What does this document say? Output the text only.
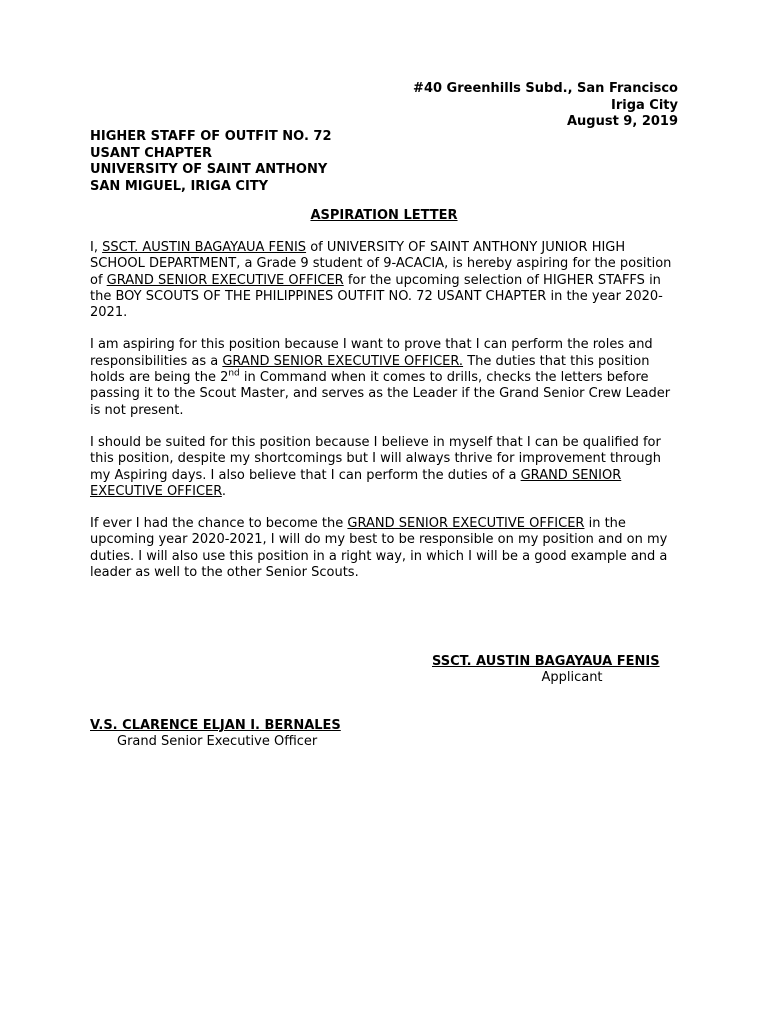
#40 Greenhills Subd., San Francisco
Iriga City
August 9, 2019
HIGHER STAFF OF OUTFIT NO. 72
USANT CHAPTER
UNIVERSITY OF SAINT ANTHONY
SAN MIGUEL, IRIGA CITY
ASPIRATION LETTER

I, SSCT. AUSTIN BAGAYAUA FENIS of UNIVERSITY OF SAINT ANTHONY JUNIOR HIGH SCHOOL DEPARTMENT, a Grade 9 student of 9-ACACIA, is hereby aspiring for the position of GRAND SENIOR EXECUTIVE OFFICER for the upcoming selection of HIGHER STAFFS in the BOY SCOUTS OF THE PHILIPPINES OUTFIT NO. 72 USANT CHAPTER in the year 2020-2021.

I am aspiring for this position because I want to prove that I can perform the roles and responsibilities as a GRAND SENIOR EXECUTIVE OFFICER. The duties that this position holds are being the 2nd in Command when it comes to drills, checks the letters before passing it to the Scout Master, and serves as the Leader if the Grand Senior Crew Leader is not present.

I should be suited for this position because I believe in myself that I can be qualified for this position, despite my shortcomings but I will always thrive for improvement through my Aspiring days. I also believe that I can perform the duties of a GRAND SENIOR EXECUTIVE OFFICER.

If ever I had the chance to become the GRAND SENIOR EXECUTIVE OFFICER in the upcoming year 2020-2021, I will do my best to be responsible on my position and on my duties. I will also use this position in a right way, in which I will be a good example and a leader as well to the other Senior Scouts.

SSCT. AUSTIN BAGAYAUA FENIS
Applicant
V.S. CLARENCE ELJAN I. BERNALES
Grand Senior Executive Officer
